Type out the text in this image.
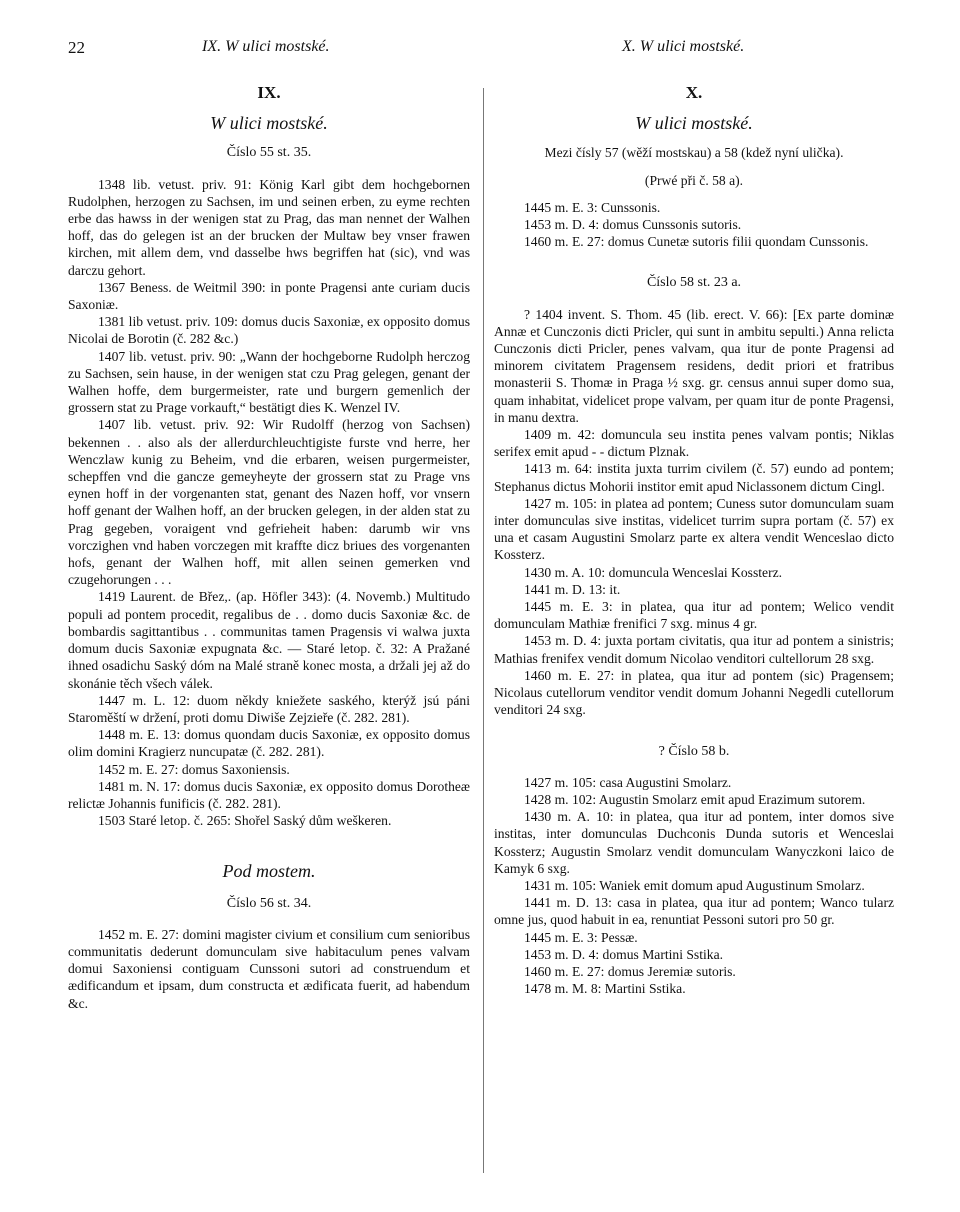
22	IX. W ulici mostské.	X. W ulici mostské.
IX.
W ulici mostské.
Číslo 55 st. 35.

1348 lib. vetust. priv. 91: König Karl gibt dem hochgebornen Rudolphen, herzogen zu Sachsen, im und seinen erben, zu eyme rechten erbe das hawss in der wenigen stat zu Prag, das man nennet der Walhen hoff, das do gelegen ist an der brucken der Multaw bey vnser frawen kirchen, mit allem dem, vnd dasselbe hws begriffen hat (sic), vnd was darczu gehort.

1367 Beness. de Weitmil 390: in ponte Pragensi ante curiam ducis Saxoniæ.

1381 lib vetust. priv. 109: domus ducis Saxoniæ, ex opposito domus Nicolai de Borotin (č. 282 &c.)

1407 lib. vetust. priv. 90: „Wann der hochgeborne Rudolph herczog zu Sachsen, sein hause, in der wenigen stat czu Prag gelegen, genant der Walhen hoffe, dem burgermeister, rate und burgern gemenlich der grossern stat zu Prage vorkauft,“ bestätigt dies K. Wenzel IV.

1407 lib. vetust. priv. 92: Wir Rudolff (herzog von Sachsen) bekennen . . also als der allerdurchleuchtigiste furste vnd herre, her Wenczlaw kunig zu Beheim, vnd die erbaren, weisen purgermeister, schepffen vnd die gancze gemeyheyte der grossern stat zu Prage vns eynen hoff in der vorgenanten stat, genant des Nazen hoff, vor vnsern hoff genant der Walhen hoff, an der brucken gelegen, in der alden stat zu Prag gegeben, voraigent vnd gefrieheit haben: darumb wir vns vorczighen vnd haben vorczegen mit kraffte dicz briues des vorgenanten hofs, genant der Walhen hoff, mit allen seinen gemerken vnd czugehorungen . . .

1419 Laurent. de Břez,. (ap. Höfler 343): (4. Novemb.) Multitudo populi ad pontem procedit, regalibus de . . domo ducis Saxoniæ &c. de bombardis sagittantibus . . communitas tamen Pragensis vi walwa juxta domum ducis Saxoniæ expugnata &c. — Staré letop. č. 32: A Pražané ihned osadichu Saský dóm na Malé straně konec mosta, a držali jej až do skonánie těch všech válek.

1447 m. L. 12: duom někdy kniežete saského, kterýž jsú páni Staroměští w držení, proti domu Diwiše Zejzieře (č. 282. 281).

1448 m. E. 13: domus quondam ducis Saxoniæ, ex opposito domus olim domini Kragierz nuncupatæ (č. 282. 281).

1452 m. E. 27: domus Saxoniensis.

1481 m. N. 17: domus ducis Saxoniæ, ex opposito domus Dorotheæ relictæ Johannis funificis (č. 282. 281).

1503 Staré letop. č. 265: Shořel Saský dům weškeren.

Pod mostem.
Číslo 56 st. 34.

1452 m. E. 27: domini magister civium et consilium cum senioribus communitatis dederunt domunculam sive habitaculum penes valvam domui Saxoniensi contiguam Cunssoni sutori ad construendum et ædificandum et ipsam, dum constructa et ædificata fuerit, ad habendum &c.

X.
W ulici mostské.
Mezi čísly 57 (wěží mostskau) a 58 (kdež nyní ulička).
(Prwé při č. 58 a).

1445 m. E. 3: Cunssonis.

1453 m. D. 4: domus Cunssonis sutoris.

1460 m. E. 27: domus Cunetæ sutoris filii quondam Cunssonis.

Číslo 58 st. 23 a.

? 1404 invent. S. Thom. 45 (lib. erect. V. 66): [Ex parte dominæ Annæ et Cunczonis dicti Pricler, qui sunt in ambitu sepulti.) Anna relicta Cunczonis dicti Pricler, penes valvam, qua itur de ponte Pragensi ad minorem civitatem Pragensem residens, dedit priori et fratribus monasterii S. Thomæ in Praga ½ sxg. gr. census annui super domo sua, quam inhabitat, videlicet prope valvam, per quam itur de ponte Pragensi, in manu dextra.

1409 m. 42: domuncula seu instita penes valvam pontis; Niklas serifex emit apud - - dictum Plznak.

1413 m. 64: instita juxta turrim civilem (č. 57) eundo ad pontem; Stephanus dictus Mohorii institor emit apud Niclassonem dictum Cingl.

1427 m. 105: in platea ad pontem; Cuness sutor domunculam suam inter domunculas sive institas, videlicet turrim supra portam (č. 57) ex una et casam Augustini Smolarz parte ex altera vendit Wenceslao dicto Kossterz.

1430 m. A. 10: domuncula Wenceslai Kossterz.

1441 m. D. 13: it.

1445 m. E. 3: in platea, qua itur ad pontem; Welico vendit domunculam Mathiæ frenifici 7 sxg. minus 4 gr.

1453 m. D. 4: juxta portam civitatis, qua itur ad pontem a sinistris; Mathias frenifex vendit domum Nicolao venditori cultellorum 28 sxg.

1460 m. E. 27: in platea, qua itur ad pontem (sic) Pragensem; Nicolaus cutellorum venditor vendit domum Johanni Negedli cutellorum venditori 24 sxg.

? Číslo 58 b.

1427 m. 105: casa Augustini Smolarz.

1428 m. 102: Augustin Smolarz emit apud Erazimum sutorem.

1430 m. A. 10: in platea, qua itur ad pontem, inter domos sive institas, inter domunculas Duchconis Dunda sutoris et Wenceslai Kossterz; Augustin Smolarz vendit domunculam Wanyczkoni laico de Kamyk 6 sxg.

1431 m. 105: Waniek emit domum apud Augustinum Smolarz.

1441 m. D. 13: casa in platea, qua itur ad pontem; Wanco tularz omne jus, quod habuit in ea, renuntiat Pessoni sutori pro 50 gr.

1445 m. E. 3: Pessæ.

1453 m. D. 4: domus Martini Sstika.

1460 m. E. 27: domus Jeremiæ sutoris.

1478 m. M. 8: Martini Sstika.
